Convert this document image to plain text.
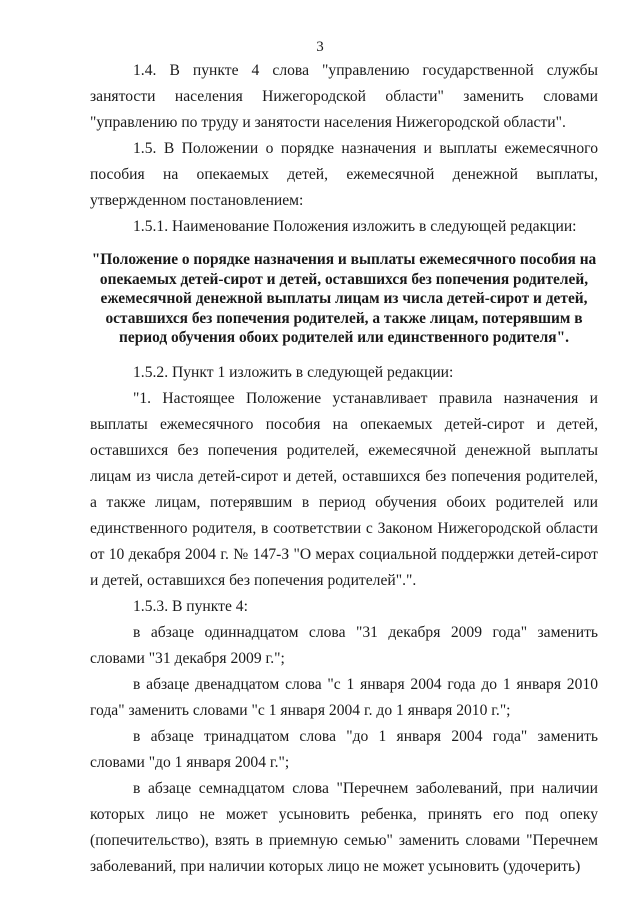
3

1.4. В пункте 4 слова "управлению государственной службы занятости населения Нижегородской области" заменить словами "управлению по труду и занятости населения Нижегородской области".

1.5. В Положении о порядке назначения и выплаты ежемесячного пособия на опекаемых детей, ежемесячной денежной выплаты, утвержденном постановлением:

1.5.1. Наименование Положения изложить в следующей редакции:

"Положение о порядке назначения и выплаты ежемесячного пособия на опекаемых детей-сирот и детей, оставшихся без попечения родителей, ежемесячной денежной выплаты лицам из числа детей-сирот и детей, оставшихся без попечения родителей, а также лицам, потерявшим в период обучения обоих родителей или единственного родителя".

1.5.2. Пункт 1 изложить в следующей редакции:

"1. Настоящее Положение устанавливает правила назначения и выплаты ежемесячного пособия на опекаемых детей-сирот и детей, оставшихся без попечения родителей, ежемесячной денежной выплаты лицам из числа детей-сирот и детей, оставшихся без попечения родителей, а также лицам, потерявшим в период обучения обоих родителей или единственного родителя, в соответствии с Законом Нижегородской области от 10 декабря 2004 г. № 147-З "О мерах социальной поддержки детей-сирот и детей, оставшихся без попечения родителей".".

1.5.3. В пункте 4:

в абзаце одиннадцатом слова "31 декабря 2009 года" заменить словами "31 декабря 2009 г.";

в абзаце двенадцатом слова "с 1 января 2004 года до 1 января 2010 года" заменить словами "с 1 января 2004 г. до 1 января 2010 г.";

в абзаце тринадцатом слова "до 1 января 2004 года" заменить словами "до 1 января 2004 г.";

в абзаце семнадцатом слова "Перечнем заболеваний, при наличии которых лицо не может усыновить ребенка, принять его под опеку (попечительство), взять в приемную семью" заменить словами "Перечнем заболеваний, при наличии которых лицо не может усыновить (удочерить)
